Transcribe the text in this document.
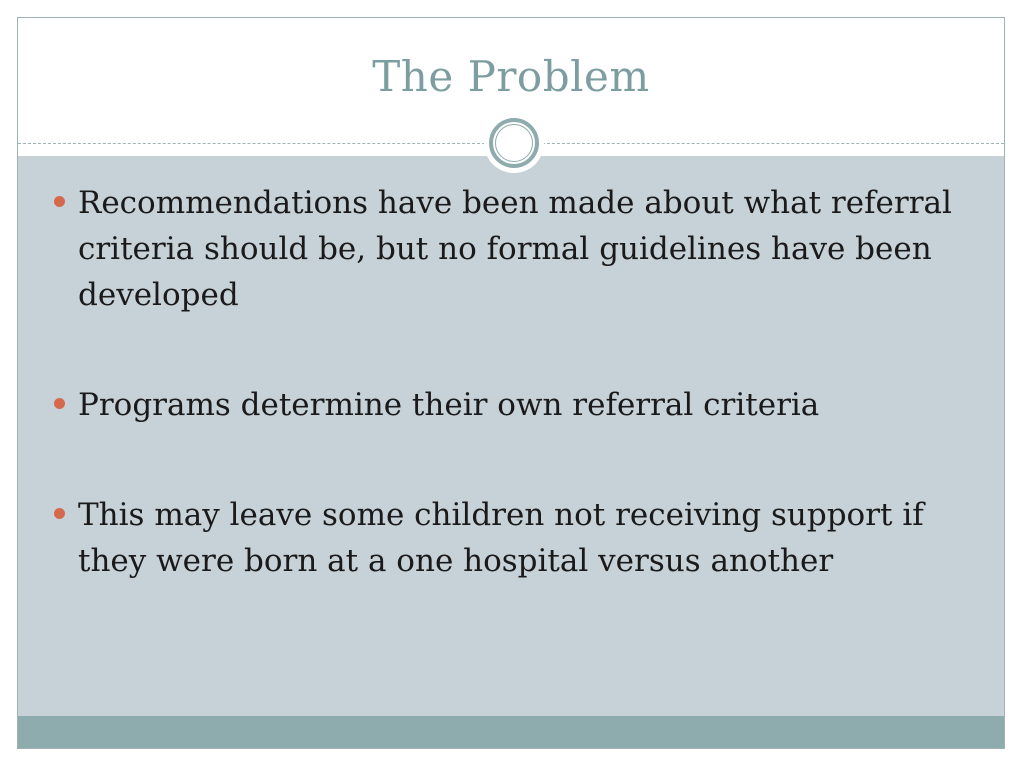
The Problem
Recommendations have been made about what referral criteria should be, but no formal guidelines have been developed
Programs determine their own referral criteria
This may leave some children not receiving support if they were born at a one hospital versus another
